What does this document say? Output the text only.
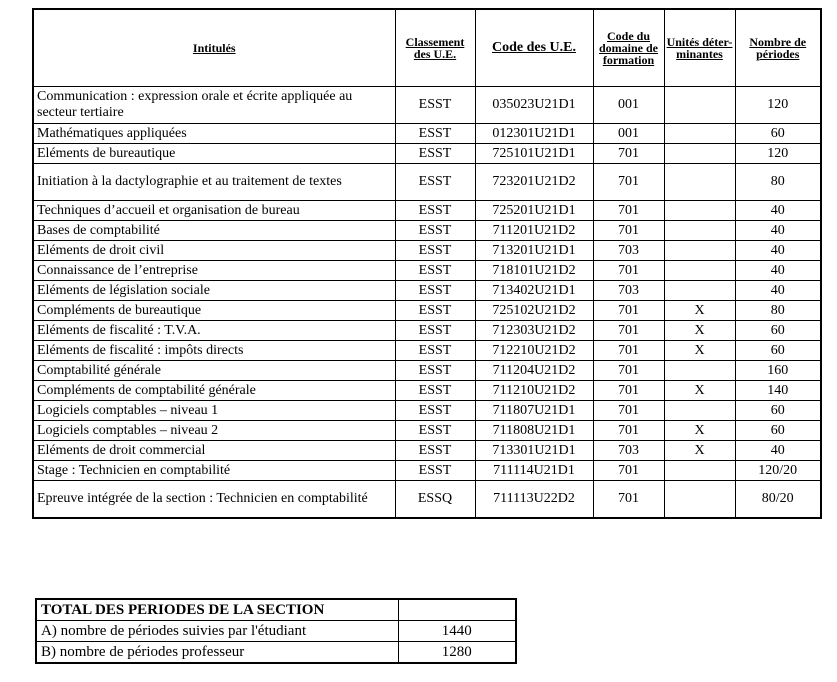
Intitulés	Classement des U.E.	Code des U.E.	Code du domaine de formation	Unités déter-minantes	Nombre de périodes
Communication : expression orale et écrite appliquée au secteur tertiaire	ESST	035023U21D1	001		120
Mathématiques appliquées	ESST	012301U21D1	001		60
Eléments de bureautique	ESST	725101U21D1	701		120
Initiation à la dactylographie et au traitement de textes	ESST	723201U21D2	701		80
Techniques d’accueil et organisation de bureau	ESST	725201U21D1	701		40
Bases de comptabilité	ESST	711201U21D2	701		40
Eléments de droit civil	ESST	713201U21D1	703		40
Connaissance de l’entreprise	ESST	718101U21D2	701		40
Eléments de législation sociale	ESST	713402U21D1	703		40
Compléments de bureautique	ESST	725102U21D2	701	X	80
Eléments de fiscalité : T.V.A.	ESST	712303U21D2	701	X	60
Eléments de fiscalité : impôts directs	ESST	712210U21D2	701	X	60
Comptabilité générale	ESST	711204U21D2	701		160
Compléments de comptabilité générale	ESST	711210U21D2	701	X	140
Logiciels comptables – niveau 1	ESST	711807U21D1	701		60
Logiciels comptables – niveau 2	ESST	711808U21D1	701	X	60
Eléments de droit commercial	ESST	713301U21D1	703	X	40
Stage : Technicien en comptabilité	ESST	711114U21D1	701		120/20
Epreuve intégrée de la section : Technicien en comptabilité	ESSQ	711113U22D2	701		80/20
TOTAL DES PERIODES DE LA SECTION	
A) nombre de périodes suivies par l'étudiant	1440
B) nombre de périodes professeur	1280
